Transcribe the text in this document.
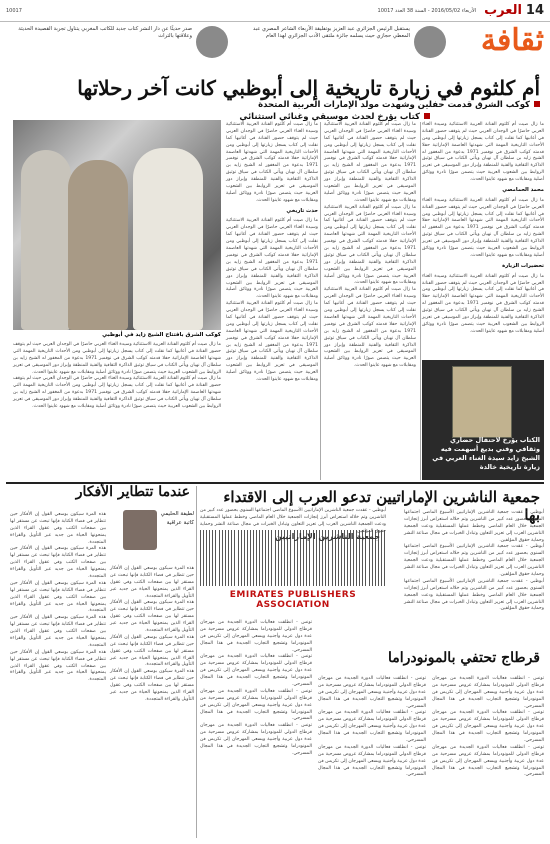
14
العرب
الأربعاء 2016/05/02 - السنة 38 العدد 10017
10017
ثقافة
يستقبل الرئيس الجزائري عبد العزيز بوتفليقة الأربعاء الشاعر المصري عبد المعطي حجازي حيث يسلمه جائزة ملتقى الأدب الجزائري لهذا العام
صدر حديثًا عن دار النشر كتاب جديد للكاتب المغربي يتناول تجربة القصيدة الحديثة وعلاقتها بالتراث
أم كلثوم في زيارة تاريخية إلى أبوظبي كانت آخر رحلاتها
كوكب الشرق قدمت حفلين وشهدت مولد الإمارات العربية المتحدة
كتاب يؤرخ لحدث موسيقي وغنائي استثنائي

ما زال صيت أم كلثوم الفنانة العربية الاستثنائية وسيدة الغناء العربي حاضرًا في الوجدان العربي حيث لم يتوقف حضور الفنانة في أغانيها كما نقلت إلى كتاب يسجل زيارتها إلى أبوظبي ومن الأحداث التاريخية المهمة التي شهدتها العاصمة الإماراتية حفلا قدمته كوكب الشرق في نوفمبر 1971 بدعوة من المغفور له الشيخ زايد بن سلطان آل نهيان ويأتي الكتاب في سياق توثيق الذاكرة الثقافية والفنية للمنطقة وإبراز دور الموسيقى في تعزيز الروابط بين الشعوب العربية حيث يتضمن صورًا نادرة ووثائق أصلية ومقابلات مع شهود عاينوا الحدث.

محمد الحمامصي

ما زال صيت أم كلثوم الفنانة العربية الاستثنائية وسيدة الغناء العربي حاضرًا في الوجدان العربي حيث لم يتوقف حضور الفنانة في أغانيها كما نقلت إلى كتاب يسجل زيارتها إلى أبوظبي ومن الأحداث التاريخية المهمة التي شهدتها العاصمة الإماراتية حفلا قدمته كوكب الشرق في نوفمبر 1971 بدعوة من المغفور له الشيخ زايد بن سلطان آل نهيان ويأتي الكتاب في سياق توثيق الذاكرة الثقافية والفنية للمنطقة وإبراز دور الموسيقى في تعزيز الروابط بين الشعوب العربية حيث يتضمن صورًا نادرة ووثائق أصلية ومقابلات مع شهود عاينوا الحدث.

تحضيرات الزيارة

ما زال صيت أم كلثوم الفنانة العربية الاستثنائية وسيدة الغناء العربي حاضرًا في الوجدان العربي حيث لم يتوقف حضور الفنانة في أغانيها كما نقلت إلى كتاب يسجل زيارتها إلى أبوظبي ومن الأحداث التاريخية المهمة التي شهدتها العاصمة الإماراتية حفلا قدمته كوكب الشرق في نوفمبر 1971 بدعوة من المغفور له الشيخ زايد بن سلطان آل نهيان ويأتي الكتاب في سياق توثيق الذاكرة الثقافية والفنية للمنطقة وإبراز دور الموسيقى في تعزيز الروابط بين الشعوب العربية حيث يتضمن صورًا نادرة ووثائق أصلية ومقابلات مع شهود عاينوا الحدث.

ما زال صيت أم كلثوم الفنانة العربية الاستثنائية وسيدة الغناء العربي حاضرًا في الوجدان العربي حيث لم يتوقف حضور الفنانة في أغانيها كما نقلت إلى كتاب يسجل زيارتها إلى أبوظبي ومن الأحداث التاريخية المهمة التي شهدتها العاصمة الإماراتية حفلا قدمته كوكب الشرق في نوفمبر 1971 بدعوة من المغفور له الشيخ زايد بن سلطان آل نهيان ويأتي الكتاب في سياق توثيق الذاكرة الثقافية والفنية للمنطقة وإبراز دور الموسيقى في تعزيز الروابط بين الشعوب العربية حيث يتضمن صورًا نادرة ووثائق أصلية ومقابلات مع شهود عاينوا الحدث.

ما زال صيت أم كلثوم الفنانة العربية الاستثنائية وسيدة الغناء العربي حاضرًا في الوجدان العربي حيث لم يتوقف حضور الفنانة في أغانيها كما نقلت إلى كتاب يسجل زيارتها إلى أبوظبي ومن الأحداث التاريخية المهمة التي شهدتها العاصمة الإماراتية حفلا قدمته كوكب الشرق في نوفمبر 1971 بدعوة من المغفور له الشيخ زايد بن سلطان آل نهيان ويأتي الكتاب في سياق توثيق الذاكرة الثقافية والفنية للمنطقة وإبراز دور الموسيقى في تعزيز الروابط بين الشعوب العربية حيث يتضمن صورًا نادرة ووثائق أصلية ومقابلات مع شهود عاينوا الحدث.

ما زال صيت أم كلثوم الفنانة العربية الاستثنائية وسيدة الغناء العربي حاضرًا في الوجدان العربي حيث لم يتوقف حضور الفنانة في أغانيها كما نقلت إلى كتاب يسجل زيارتها إلى أبوظبي ومن الأحداث التاريخية المهمة التي شهدتها العاصمة الإماراتية حفلا قدمته كوكب الشرق في نوفمبر 1971 بدعوة من المغفور له الشيخ زايد بن سلطان آل نهيان ويأتي الكتاب في سياق توثيق الذاكرة الثقافية والفنية للمنطقة وإبراز دور الموسيقى في تعزيز الروابط بين الشعوب العربية حيث يتضمن صورًا نادرة ووثائق أصلية ومقابلات مع شهود عاينوا الحدث.

ما زال صيت أم كلثوم الفنانة العربية الاستثنائية وسيدة الغناء العربي حاضرًا في الوجدان العربي حيث لم يتوقف حضور الفنانة في أغانيها كما نقلت إلى كتاب يسجل زيارتها إلى أبوظبي ومن الأحداث التاريخية المهمة التي شهدتها العاصمة الإماراتية حفلا قدمته كوكب الشرق في نوفمبر 1971 بدعوة من المغفور له الشيخ زايد بن سلطان آل نهيان ويأتي الكتاب في سياق توثيق الذاكرة الثقافية والفنية للمنطقة وإبراز دور الموسيقى في تعزيز الروابط بين الشعوب العربية حيث يتضمن صورًا نادرة ووثائق أصلية ومقابلات مع شهود عاينوا الحدث.

حدث تاريخي

ما زال صيت أم كلثوم الفنانة العربية الاستثنائية وسيدة الغناء العربي حاضرًا في الوجدان العربي حيث لم يتوقف حضور الفنانة في أغانيها كما نقلت إلى كتاب يسجل زيارتها إلى أبوظبي ومن الأحداث التاريخية المهمة التي شهدتها العاصمة الإماراتية حفلا قدمته كوكب الشرق في نوفمبر 1971 بدعوة من المغفور له الشيخ زايد بن سلطان آل نهيان ويأتي الكتاب في سياق توثيق الذاكرة الثقافية والفنية للمنطقة وإبراز دور الموسيقى في تعزيز الروابط بين الشعوب العربية حيث يتضمن صورًا نادرة ووثائق أصلية ومقابلات مع شهود عاينوا الحدث.

ما زال صيت أم كلثوم الفنانة العربية الاستثنائية وسيدة الغناء العربي حاضرًا في الوجدان العربي حيث لم يتوقف حضور الفنانة في أغانيها كما نقلت إلى كتاب يسجل زيارتها إلى أبوظبي ومن الأحداث التاريخية المهمة التي شهدتها العاصمة الإماراتية حفلا قدمته كوكب الشرق في نوفمبر 1971 بدعوة من المغفور له الشيخ زايد بن سلطان آل نهيان ويأتي الكتاب في سياق توثيق الذاكرة الثقافية والفنية للمنطقة وإبراز دور الموسيقى في تعزيز الروابط بين الشعوب العربية حيث يتضمن صورًا نادرة ووثائق أصلية ومقابلات مع شهود عاينوا الحدث.

كوكب الشرق بافتتاح الشيخ زايد في أبوظبي

ما زال صيت أم كلثوم الفنانة العربية الاستثنائية وسيدة الغناء العربي حاضرًا في الوجدان العربي حيث لم يتوقف حضور الفنانة في أغانيها كما نقلت إلى كتاب يسجل زيارتها إلى أبوظبي ومن الأحداث التاريخية المهمة التي شهدتها العاصمة الإماراتية حفلا قدمته كوكب الشرق في نوفمبر 1971 بدعوة من المغفور له الشيخ زايد بن سلطان آل نهيان ويأتي الكتاب في سياق توثيق الذاكرة الثقافية والفنية للمنطقة وإبراز دور الموسيقى في تعزيز الروابط بين الشعوب العربية حيث يتضمن صورًا نادرة ووثائق أصلية ومقابلات مع شهود عاينوا الحدث.

ما زال صيت أم كلثوم الفنانة العربية الاستثنائية وسيدة الغناء العربي حاضرًا في الوجدان العربي حيث لم يتوقف حضور الفنانة في أغانيها كما نقلت إلى كتاب يسجل زيارتها إلى أبوظبي ومن الأحداث التاريخية المهمة التي شهدتها العاصمة الإماراتية حفلا قدمته كوكب الشرق في نوفمبر 1971 بدعوة من المغفور له الشيخ زايد بن سلطان آل نهيان ويأتي الكتاب في سياق توثيق الذاكرة الثقافية والفنية للمنطقة وإبراز دور الموسيقى في تعزيز الروابط بين الشعوب العربية حيث يتضمن صورًا نادرة ووثائق أصلية ومقابلات مع شهود عاينوا الحدث.

الكتاب يؤرخ لاحتفال حضاري وثقافي وفني بديع أسهمت فيه الشيخ زايد سيدة الغناء العربي في زيارة تاريخية خالدة
جمعية الناشرين الإماراتيين تدعو العرب إلى الاقتداء بها

أبوظبي - عقدت جمعية الناشرين الإماراتيين الأسبوع الماضي اجتماعها السنوي بحضور عدد كبير من الناشرين وتم خلاله استعراض أبرز إنجازات الجمعية خلال العام الماضي وخطط عملها المستقبلية ودعت الجمعية الناشرين العرب إلى تعزيز التعاون وتبادل الخبرات في مجال صناعة النشر وحماية حقوق المؤلفين.

أبوظبي - عقدت جمعية الناشرين الإماراتيين الأسبوع الماضي اجتماعها السنوي بحضور عدد كبير من الناشرين وتم خلاله استعراض أبرز إنجازات الجمعية خلال العام الماضي وخطط عملها المستقبلية ودعت الجمعية الناشرين العرب إلى تعزيز التعاون وتبادل الخبرات في مجال صناعة النشر وحماية حقوق المؤلفين.

أبوظبي - عقدت جمعية الناشرين الإماراتيين الأسبوع الماضي اجتماعها السنوي بحضور عدد كبير من الناشرين وتم خلاله استعراض أبرز إنجازات الجمعية خلال العام الماضي وخطط عملها المستقبلية ودعت الجمعية الناشرين العرب إلى تعزيز التعاون وتبادل الخبرات في مجال صناعة النشر وحماية حقوق المؤلفين.

جمعية الناشرين الإماراتيين
EMIRATES PUBLISHERS ASSOCIATION

أبوظبي - عقدت جمعية الناشرين الإماراتيين الأسبوع الماضي اجتماعها السنوي بحضور عدد كبير من الناشرين وتم خلاله استعراض أبرز إنجازات الجمعية خلال العام الماضي وخطط عملها المستقبلية ودعت الجمعية الناشرين العرب إلى تعزيز التعاون وتبادل الخبرات في مجال صناعة النشر وحماية حقوق المؤلفين.

عندما تتطاير الأفكار
لطيفة الحليمي
كاتبة عراقية

هذه المرة سيكون بوسعي القول إن الأفكار حين تتطاير في فضاء الكتابة فإنها تبحث عن مستقر لها بين صفحات الكتب وفي عقول القراء الذين يمنحونها الحياة من جديد عبر التأويل والقراءة المتجددة.

هذه المرة سيكون بوسعي القول إن الأفكار حين تتطاير في فضاء الكتابة فإنها تبحث عن مستقر لها بين صفحات الكتب وفي عقول القراء الذين يمنحونها الحياة من جديد عبر التأويل والقراءة المتجددة.

هذه المرة سيكون بوسعي القول إن الأفكار حين تتطاير في فضاء الكتابة فإنها تبحث عن مستقر لها بين صفحات الكتب وفي عقول القراء الذين يمنحونها الحياة من جديد عبر التأويل والقراءة المتجددة.

هذه المرة سيكون بوسعي القول إن الأفكار حين تتطاير في فضاء الكتابة فإنها تبحث عن مستقر لها بين صفحات الكتب وفي عقول القراء الذين يمنحونها الحياة من جديد عبر التأويل والقراءة المتجددة.

هذه المرة سيكون بوسعي القول إن الأفكار حين تتطاير في فضاء الكتابة فإنها تبحث عن مستقر لها بين صفحات الكتب وفي عقول القراء الذين يمنحونها الحياة من جديد عبر التأويل والقراءة المتجددة.

هذه المرة سيكون بوسعي القول إن الأفكار حين تتطاير في فضاء الكتابة فإنها تبحث عن مستقر لها بين صفحات الكتب وفي عقول القراء الذين يمنحونها الحياة من جديد عبر التأويل والقراءة المتجددة.

هذه المرة سيكون بوسعي القول إن الأفكار حين تتطاير في فضاء الكتابة فإنها تبحث عن مستقر لها بين صفحات الكتب وفي عقول القراء الذين يمنحونها الحياة من جديد عبر التأويل والقراءة المتجددة.

هذه المرة سيكون بوسعي القول إن الأفكار حين تتطاير في فضاء الكتابة فإنها تبحث عن مستقر لها بين صفحات الكتب وفي عقول القراء الذين يمنحونها الحياة من جديد عبر التأويل والقراءة المتجددة.

هذه المرة سيكون بوسعي القول إن الأفكار حين تتطاير في فضاء الكتابة فإنها تبحث عن مستقر لها بين صفحات الكتب وفي عقول القراء الذين يمنحونها الحياة من جديد عبر التأويل والقراءة المتجددة.

قرطاج تحتفي بالمونودراما

تونس - انطلقت فعاليات الدورة الجديدة من مهرجان قرطاج الدولي للمونودراما بمشاركة عروض مسرحية من عدة دول عربية وأجنبية ويسعى المهرجان إلى تكريس فن المونودراما وتشجيع التجارب الجديدة في هذا المجال المسرحي.

تونس - انطلقت فعاليات الدورة الجديدة من مهرجان قرطاج الدولي للمونودراما بمشاركة عروض مسرحية من عدة دول عربية وأجنبية ويسعى المهرجان إلى تكريس فن المونودراما وتشجيع التجارب الجديدة في هذا المجال المسرحي.

تونس - انطلقت فعاليات الدورة الجديدة من مهرجان قرطاج الدولي للمونودراما بمشاركة عروض مسرحية من عدة دول عربية وأجنبية ويسعى المهرجان إلى تكريس فن المونودراما وتشجيع التجارب الجديدة في هذا المجال المسرحي.

تونس - انطلقت فعاليات الدورة الجديدة من مهرجان قرطاج الدولي للمونودراما بمشاركة عروض مسرحية من عدة دول عربية وأجنبية ويسعى المهرجان إلى تكريس فن المونودراما وتشجيع التجارب الجديدة في هذا المجال المسرحي.

تونس - انطلقت فعاليات الدورة الجديدة من مهرجان قرطاج الدولي للمونودراما بمشاركة عروض مسرحية من عدة دول عربية وأجنبية ويسعى المهرجان إلى تكريس فن المونودراما وتشجيع التجارب الجديدة في هذا المجال المسرحي.

تونس - انطلقت فعاليات الدورة الجديدة من مهرجان قرطاج الدولي للمونودراما بمشاركة عروض مسرحية من عدة دول عربية وأجنبية ويسعى المهرجان إلى تكريس فن المونودراما وتشجيع التجارب الجديدة في هذا المجال المسرحي.

تونس - انطلقت فعاليات الدورة الجديدة من مهرجان قرطاج الدولي للمونودراما بمشاركة عروض مسرحية من عدة دول عربية وأجنبية ويسعى المهرجان إلى تكريس فن المونودراما وتشجيع التجارب الجديدة في هذا المجال المسرحي.

تونس - انطلقت فعاليات الدورة الجديدة من مهرجان قرطاج الدولي للمونودراما بمشاركة عروض مسرحية من عدة دول عربية وأجنبية ويسعى المهرجان إلى تكريس فن المونودراما وتشجيع التجارب الجديدة في هذا المجال المسرحي.

تونس - انطلقت فعاليات الدورة الجديدة من مهرجان قرطاج الدولي للمونودراما بمشاركة عروض مسرحية من عدة دول عربية وأجنبية ويسعى المهرجان إلى تكريس فن المونودراما وتشجيع التجارب الجديدة في هذا المجال المسرحي.

تونس - انطلقت فعاليات الدورة الجديدة من مهرجان قرطاج الدولي للمونودراما بمشاركة عروض مسرحية من عدة دول عربية وأجنبية ويسعى المهرجان إلى تكريس فن المونودراما وتشجيع التجارب الجديدة في هذا المجال المسرحي.
